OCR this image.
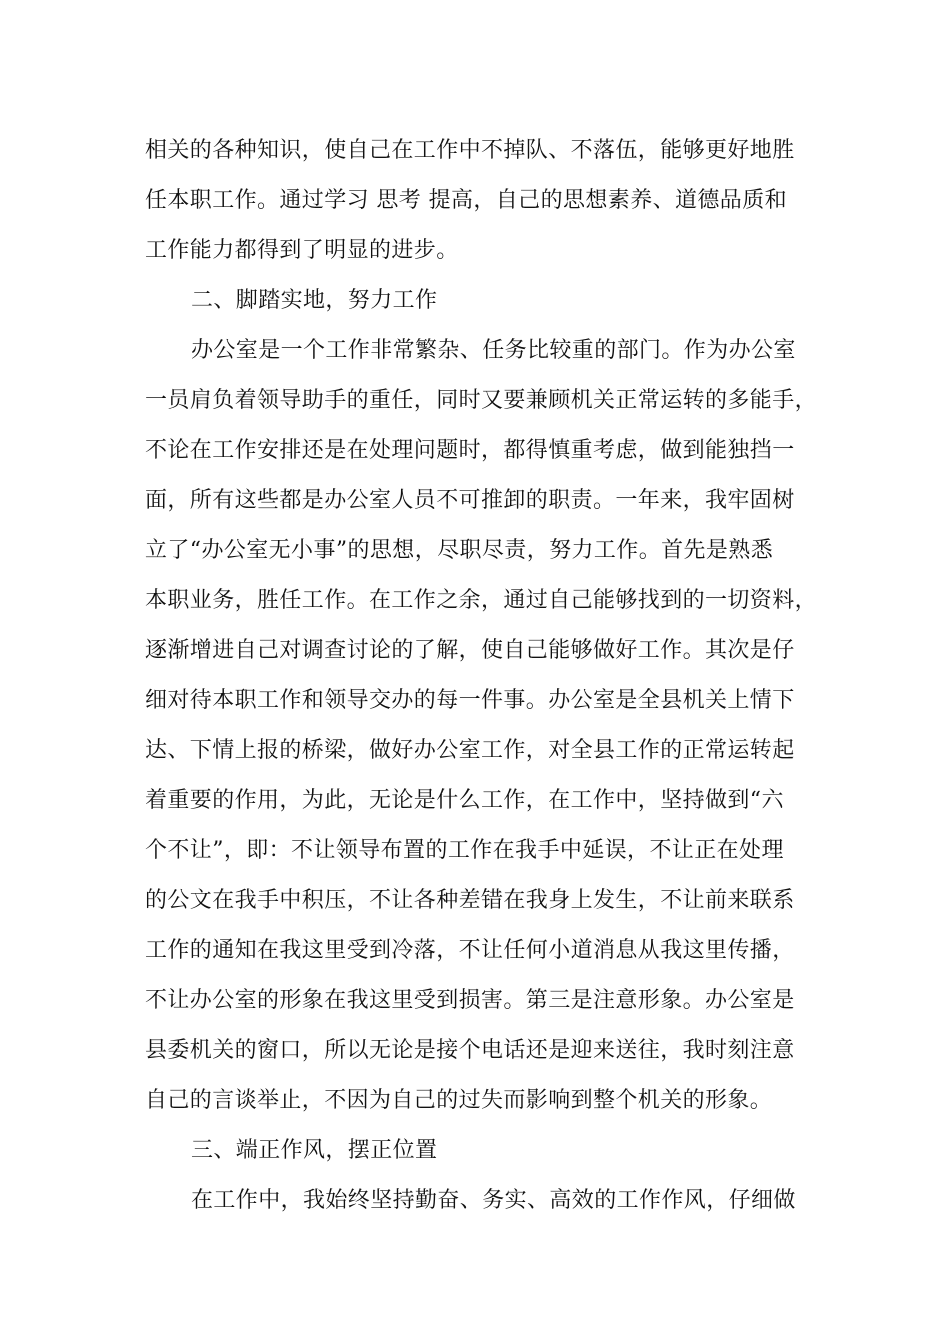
相关的各种知识，使自己在工作中不掉队、不落伍，能够更好地胜
任本职工作。通过学习 思考 提高，自己的思想素养、道德品质和
工作能力都得到了明显的进步。
二、脚踏实地，努力工作
办公室是一个工作非常繁杂、任务比较重的部门。作为办公室
一员肩负着领导助手的重任，同时又要兼顾机关正常运转的多能手，
不论在工作安排还是在处理问题时，都得慎重考虑，做到能独挡一
面，所有这些都是办公室人员不可推卸的职责。一年来，我牢固树
立了“办公室无小事”的思想，尽职尽责，努力工作。首先是熟悉
本职业务，胜任工作。在工作之余，通过自己能够找到的一切资料，
逐渐增进自己对调查讨论的了解，使自己能够做好工作。其次是仔
细对待本职工作和领导交办的每一件事。办公室是全县机关上情下
达、下情上报的桥梁，做好办公室工作，对全县工作的正常运转起
着重要的作用，为此，无论是什么工作，在工作中，坚持做到“六
个不让”，即：不让领导布置的工作在我手中延误，不让正在处理
的公文在我手中积压，不让各种差错在我身上发生，不让前来联系
工作的通知在我这里受到冷落，不让任何小道消息从我这里传播，
不让办公室的形象在我这里受到损害。第三是注意形象。办公室是
县委机关的窗口，所以无论是接个电话还是迎来送往，我时刻注意
自己的言谈举止，不因为自己的过失而影响到整个机关的形象。
三、端正作风，摆正位置
在工作中，我始终坚持勤奋、务实、高效的工作作风，仔细做
